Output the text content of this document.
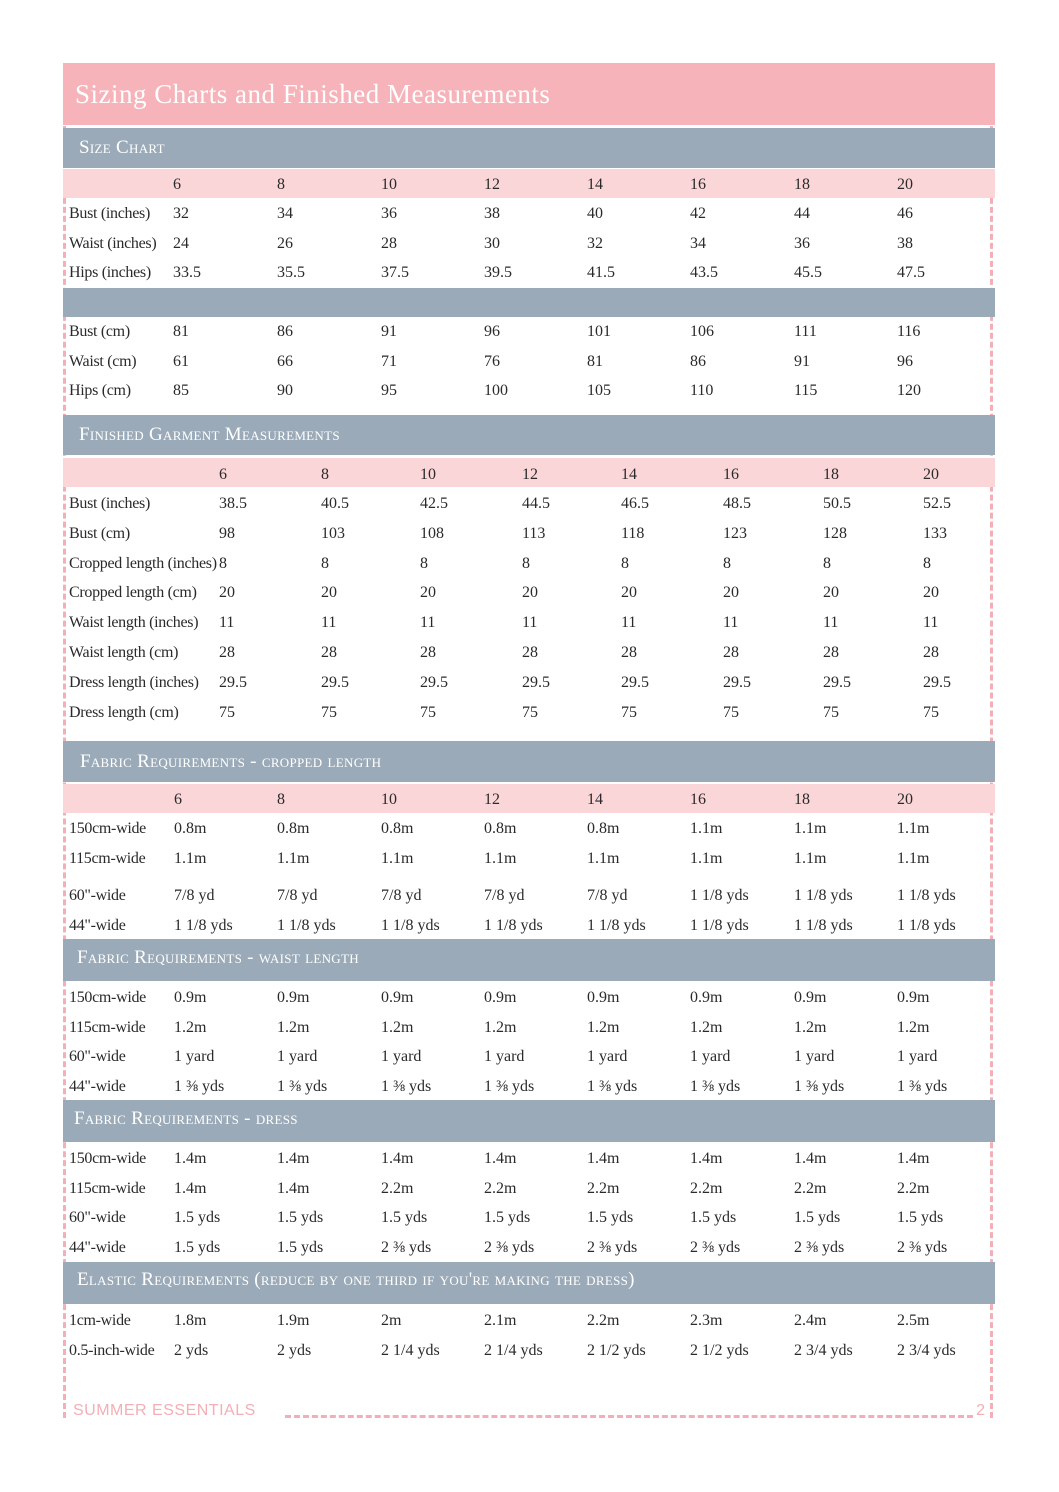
Sizing Charts and Finished Measurements
Size Chart
Finished Garment Measurements
Fabric Requirements - cropped length
Fabric Requirements - waist length
Fabric Requirements - dress
Elastic Requirements (reduce by one third if you're making the dress)
SUMMER ESSENTIALS	2
6	8	10	12	14	16	18	20
Bust (inches) 32	34	36	38	40	42	44	46
Waist (inches) 24	26	28	30	32	34	36	38
Hips (inches) 33.5	35.5	37.5	39.5	41.5	43.5	45.5	47.5
Bust (cm)	81	86	91	96	101	106	111	116
Waist (cm) 61	66	71	76	81	86	91	96
Hips (cm)	85	90	95	100	105	110	115	120
6	8	10	12	14	16	18	20
Bust (inches)	38.5	40.5	42.5	44.5	46.5	48.5	50.5	52.5
Bust (cm)	98	103	108	113	118	123	128	133
Cropped length (inches) 8	8	8	8	8	8	8	8
Cropped length (cm) 20	20	20	20	20	20	20	20
Waist length (inches) 11	11	11	11	11	11	11	11
Waist length (cm)	28	28	28	28	28	28	28	28
Dress length (inches) 29.5	29.5	29.5	29.5	29.5	29.5	29.5	29.5
Dress length (cm)	75	75	75	75	75	75	75	75
6	8	10	12	14	16	18	20
150cm-wide 0.8m	0.8m	0.8m	0.8m	0.8m	1.1m	1.1m	1.1m
115cm-wide 1.1m	1.1m	1.1m	1.1m	1.1m	1.1m	1.1m	1.1m
60"-wide	7/8 yd	7/8 yd	7/8 yd	7/8 yd	7/8 yd	1 1/8 yds	1 1/8 yds	1 1/8 yds
44"-wide	1 1/8 yds	1 1/8 yds	1 1/8 yds	1 1/8 yds	1 1/8 yds	1 1/8 yds	1 1/8 yds	1 1/8 yds
150cm-wide 0.9m	0.9m	0.9m	0.9m	0.9m	0.9m	0.9m	0.9m
115cm-wide 1.2m	1.2m	1.2m	1.2m	1.2m	1.2m	1.2m	1.2m
60"-wide	1 yard	1 yard	1 yard	1 yard	1 yard	1 yard	1 yard	1 yard
44"-wide	1 ⅜ yds	1 ⅜ yds	1 ⅜ yds	1 ⅜ yds	1 ⅜ yds	1 ⅜ yds	1 ⅜ yds	1 ⅜ yds
150cm-wide 1.4m	1.4m	1.4m	1.4m	1.4m	1.4m	1.4m	1.4m
115cm-wide 1.4m	1.4m	2.2m	2.2m	2.2m	2.2m	2.2m	2.2m
60"-wide	1.5 yds	1.5 yds	1.5 yds	1.5 yds	1.5 yds	1.5 yds	1.5 yds	1.5 yds
44"-wide	1.5 yds	1.5 yds	2 ⅜ yds	2 ⅜ yds	2 ⅜ yds	2 ⅜ yds	2 ⅜ yds	2 ⅜ yds
1cm-wide	1.8m	1.9m	2m	2.1m	2.2m	2.3m	2.4m	2.5m
0.5-inch-wide 2 yds	2 yds	2 1/4 yds	2 1/4 yds	2 1/2 yds	2 1/2 yds	2 3/4 yds	2 3/4 yds
